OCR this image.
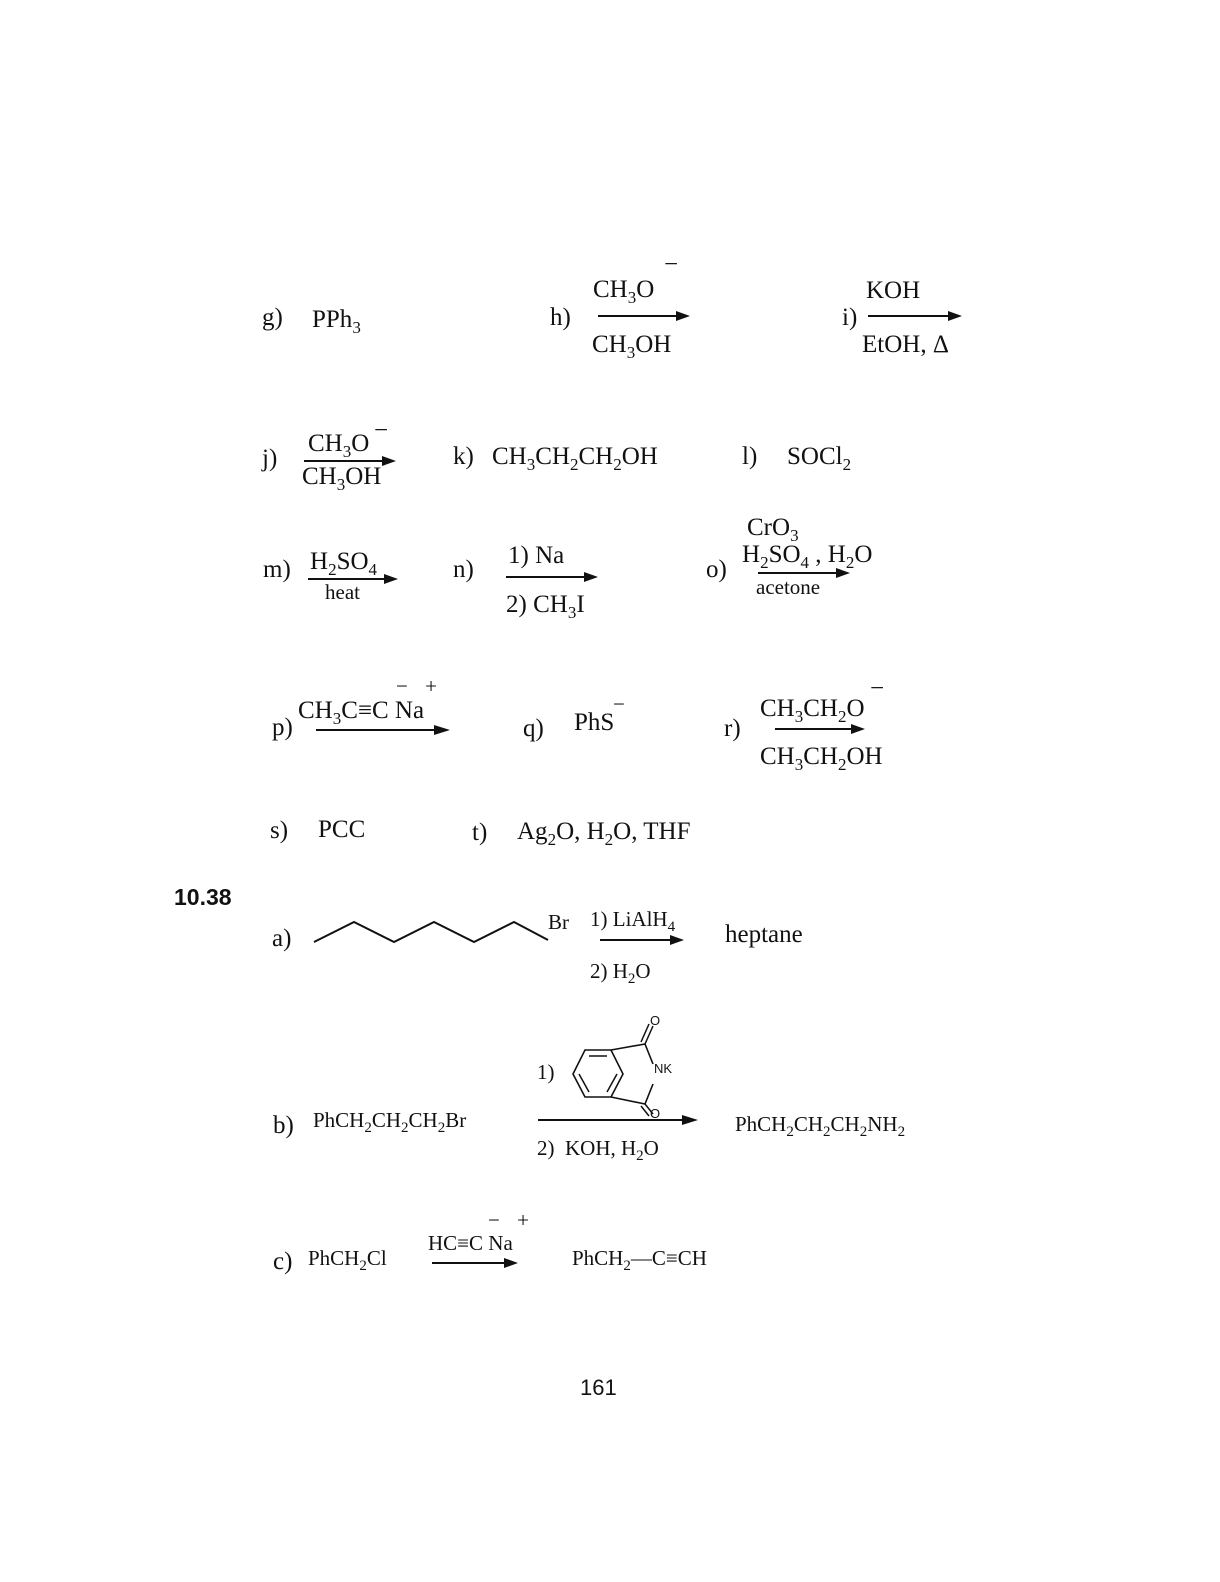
g) PPh$_3$	h)
$CH_3O$
−
$CH_3OH$
i)
KOH
EtOH, Δ
j)
$CH_3O$ −
$CH_3OH$
k) $CH_3CH_2CH_2OH$	l) SOCl$_2$
m) $H_2SO_4$
heat
n)
1) Na
2) $CH_3I$
o)
CrO$_3$
$H_2SO_4$ , $H_2O$
acetone
p)
− +
$CH_3C\equiv C$ Na
q) PhS
−
r)
$CH_3CH_2O$
−
$CH_3CH_2OH$
s) PCC	t) $Ag_2O$, $H_2O$, THF
10.38
a)
Br 1) LiAlH$_4$
2) $H_2O$
heptane
1)
O
NK
O
b) $PhCH_2CH_2CH_2Br$
2)  KOH, $H_2O$
$PhCH_2CH_2CH_2NH_2$
c) PhCH$_2$Cl
− +
HC≡C Na
PhCH$_2$—C≡CH
161
